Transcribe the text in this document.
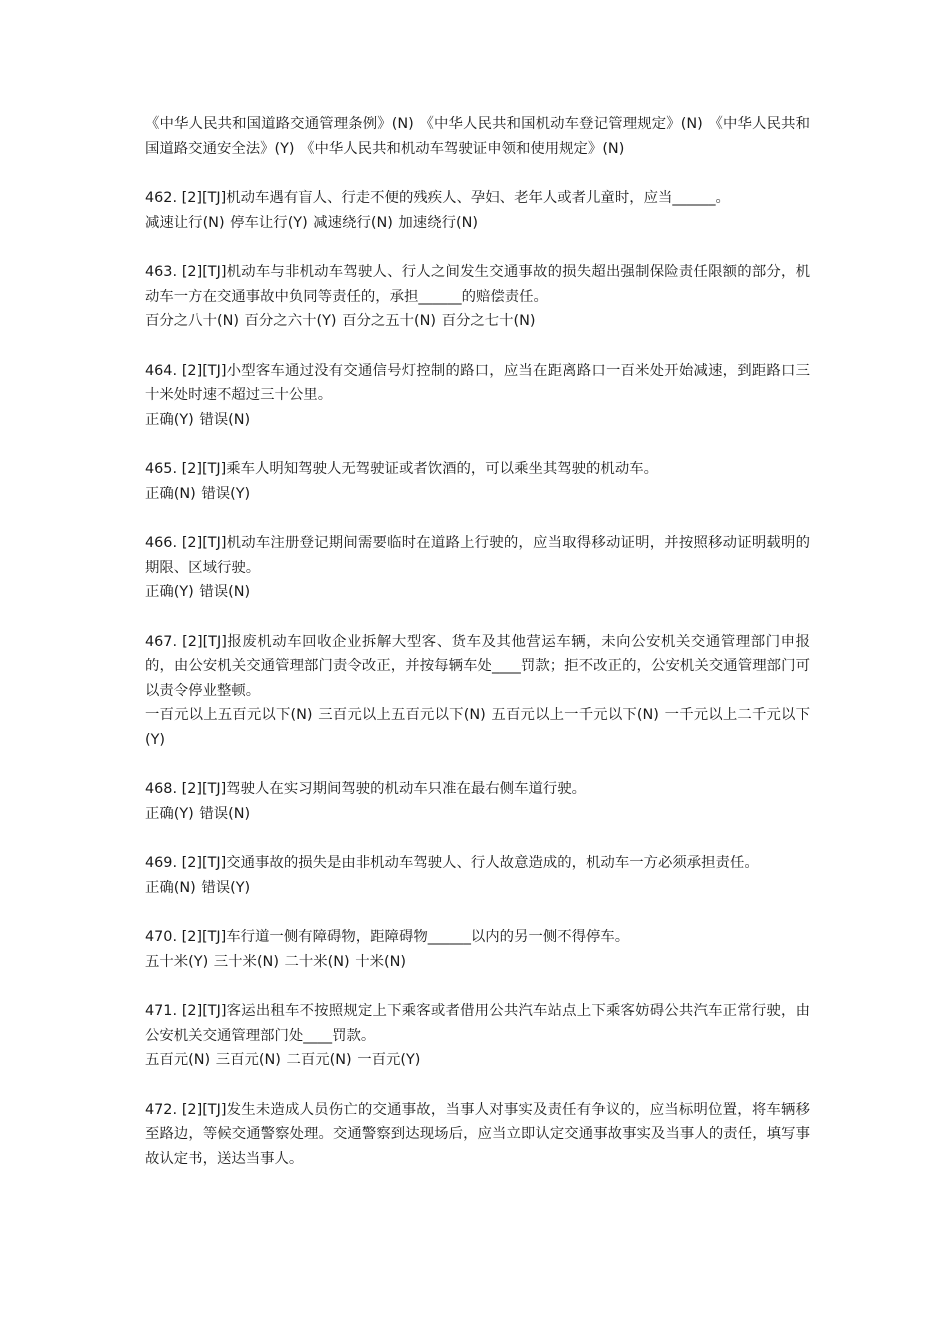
《中华人民共和国道路交通管理条例》(N) 《中华人民共和国机动车登记管理规定》(N) 《中华人民共和国道路交通安全法》(Y) 《中华人民共和机动车驾驶证申领和使用规定》(N)

462. [2][TJ]机动车遇有盲人、行走不便的残疾人、孕妇、老年人或者儿童时，应当______。

减速让行(N) 停车让行(Y) 减速绕行(N) 加速绕行(N)

463. [2][TJ]机动车与非机动车驾驶人、行人之间发生交通事故的损失超出强制保险责任限额的部分，机动车一方在交通事故中负同等责任的，承担______的赔偿责任。

百分之八十(N) 百分之六十(Y) 百分之五十(N) 百分之七十(N)

464. [2][TJ]小型客车通过没有交通信号灯控制的路口，应当在距离路口一百米处开始减速，到距路口三十米处时速不超过三十公里。

正确(Y) 错误(N)

465. [2][TJ]乘车人明知驾驶人无驾驶证或者饮酒的，可以乘坐其驾驶的机动车。

正确(N) 错误(Y)

466. [2][TJ]机动车注册登记期间需要临时在道路上行驶的，应当取得移动证明，并按照移动证明载明的期限、区域行驶。

正确(Y) 错误(N)

467. [2][TJ]报废机动车回收企业拆解大型客、货车及其他营运车辆，未向公安机关交通管理部门申报的，由公安机关交通管理部门责令改正，并按每辆车处____罚款；拒不改正的，公安机关交通管理部门可以责令停业整顿。

一百元以上五百元以下(N) 三百元以上五百元以下(N) 五百元以上一千元以下(N) 一千元以上二千元以下(Y)

468. [2][TJ]驾驶人在实习期间驾驶的机动车只准在最右侧车道行驶。

正确(Y) 错误(N)

469. [2][TJ]交通事故的损失是由非机动车驾驶人、行人故意造成的，机动车一方必须承担责任。

正确(N) 错误(Y)

470. [2][TJ]车行道一侧有障碍物，距障碍物______以内的另一侧不得停车。

五十米(Y) 三十米(N) 二十米(N) 十米(N)

471. [2][TJ]客运出租车不按照规定上下乘客或者借用公共汽车站点上下乘客妨碍公共汽车正常行驶，由公安机关交通管理部门处____罚款。

五百元(N) 三百元(N) 二百元(N) 一百元(Y)

472. [2][TJ]发生未造成人员伤亡的交通事故，当事人对事实及责任有争议的，应当标明位置，将车辆移至路边，等候交通警察处理。交通警察到达现场后，应当立即认定交通事故事实及当事人的责任，填写事故认定书，送达当事人。
